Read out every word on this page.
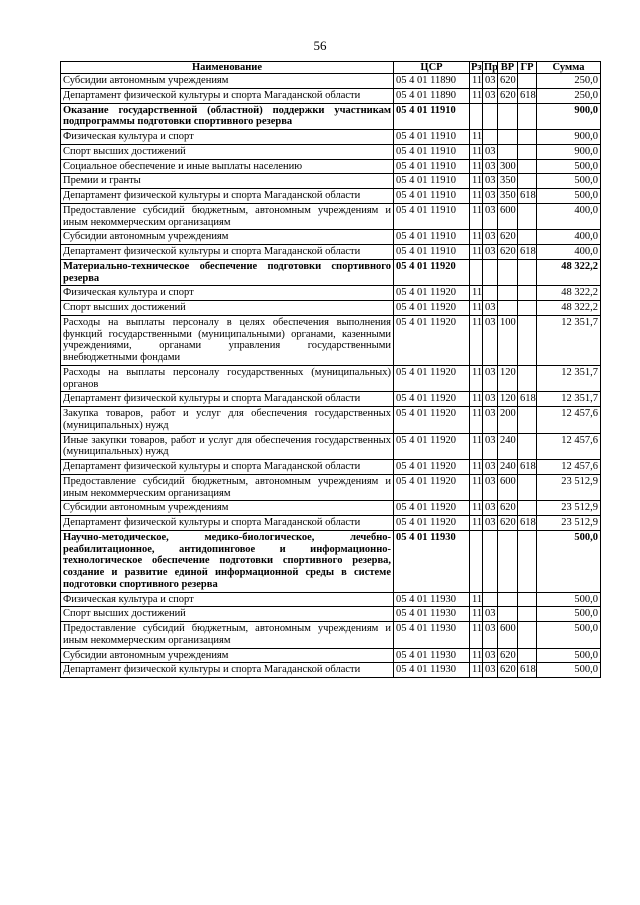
56
Наименование	ЦСР	Рз	Пр	ВР	ГР	Сумма
Субсидии автономным учреждениям	05 4 01 11890	11	03	620		250,0
Департамент физической культуры и спорта Магаданской области	05 4 01 11890	11	03	620	618	250,0
Оказание государственной (областной) поддержки участникам подпрограммы подготовки спортивного резерва	05 4 01 11910					900,0
Физическая культура и спорт	05 4 01 11910	11				900,0
Спорт высших достижений	05 4 01 11910	11	03			900,0
Социальное обеспечение и иные выплаты населению	05 4 01 11910	11	03	300		500,0
Премии и гранты	05 4 01 11910	11	03	350		500,0
Департамент физической культуры и спорта Магаданской области	05 4 01 11910	11	03	350	618	500,0
Предоставление субсидий бюджетным, автономным учреждениям и иным некоммерческим организациям	05 4 01 11910	11	03	600		400,0
Субсидии автономным учреждениям	05 4 01 11910	11	03	620		400,0
Департамент физической культуры и спорта Магаданской области	05 4 01 11910	11	03	620	618	400,0
Материально-техническое обеспечение подготовки спортивного резерва	05 4 01 11920					48 322,2
Физическая культура и спорт	05 4 01 11920	11				48 322,2
Спорт высших достижений	05 4 01 11920	11	03			48 322,2
Расходы на выплаты персоналу в целях обеспечения выполнения функций государственными (муниципальными) органами, казенными учреждениями, органами управления государственными внебюджетными фондами	05 4 01 11920	11	03	100		12 351,7
Расходы на выплаты персоналу государственных (муниципальных) органов	05 4 01 11920	11	03	120		12 351,7
Департамент физической культуры и спорта Магаданской области	05 4 01 11920	11	03	120	618	12 351,7
Закупка товаров, работ и услуг для обеспечения государственных (муниципальных) нужд	05 4 01 11920	11	03	200		12 457,6
Иные закупки товаров, работ и услуг для обеспечения государственных (муниципальных) нужд	05 4 01 11920	11	03	240		12 457,6
Департамент физической культуры и спорта Магаданской области	05 4 01 11920	11	03	240	618	12 457,6
Предоставление субсидий бюджетным, автономным учреждениям и иным некоммерческим организациям	05 4 01 11920	11	03	600		23 512,9
Субсидии автономным учреждениям	05 4 01 11920	11	03	620		23 512,9
Департамент физической культуры и спорта Магаданской области	05 4 01 11920	11	03	620	618	23 512,9
Научно-методическое, медико-биологическое, лечебно-реабилитационное, антидопинговое и информационно-технологическое обеспечение подготовки спортивного резерва, создание и развитие единой информационной среды в системе подготовки спортивного резерва	05 4 01 11930					500,0
Физическая культура и спорт	05 4 01 11930	11				500,0
Спорт высших достижений	05 4 01 11930	11	03			500,0
Предоставление субсидий бюджетным, автономным учреждениям и иным некоммерческим организациям	05 4 01 11930	11	03	600		500,0
Субсидии автономным учреждениям	05 4 01 11930	11	03	620		500,0
Департамент физической культуры и спорта Магаданской области	05 4 01 11930	11	03	620	618	500,0
